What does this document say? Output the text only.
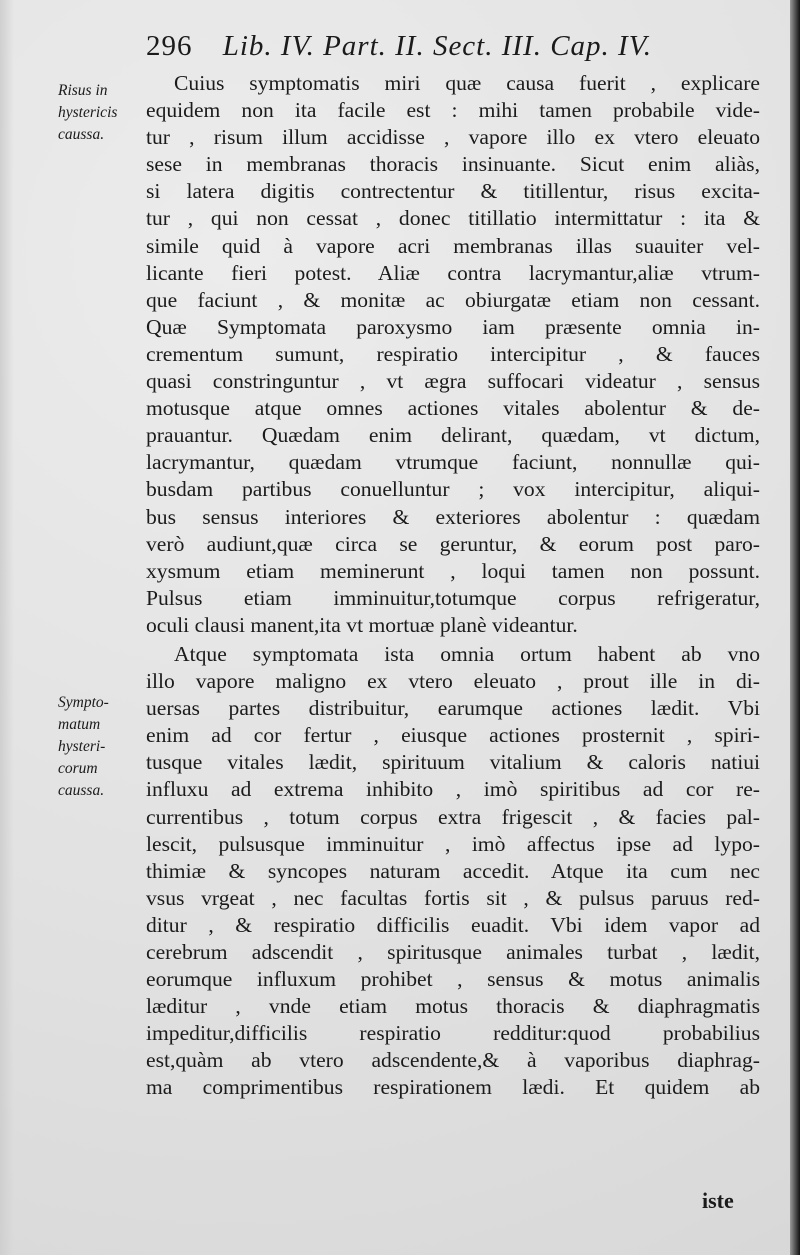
296 Lib. IV. Part. II. Sect. III. Cap. IV.
Risus in
hystericis
caussa.
Sympto-
matum
hysteri-
corum
caussa.
Cuius symptomatis miri quæ causa fuerit , explicare
equidem non ita facile est : mihi tamen probabile vide-
tur , risum illum accidisse , vapore illo ex vtero eleuato
sese in membranas thoracis insinuante. Sicut enim aliàs,
si latera digitis contrectentur & titillentur, risus excita-
tur , qui non cessat , donec titillatio intermittatur : ita &
simile quid à vapore acri membranas illas suauiter vel-
licante fieri potest. Aliæ contra lacrymantur,aliæ vtrum-
que faciunt , & monitæ ac obiurgatæ etiam non cessant.
Quæ Symptomata paroxysmo iam præsente omnia in-
crementum sumunt, respiratio intercipitur , & fauces
quasi constringuntur , vt ægra suffocari videatur , sensus
motusque atque omnes actiones vitales abolentur & de-
prauantur. Quædam enim delirant, quædam, vt dictum,
lacrymantur, quædam vtrumque faciunt, nonnullæ qui-
busdam partibus conuelluntur ; vox intercipitur, aliqui-
bus sensus interiores & exteriores abolentur : quædam
verò audiunt,quæ circa se geruntur, & eorum post paro-
xysmum etiam meminerunt , loqui tamen non possunt.
Pulsus etiam imminuitur,totumque corpus refrigeratur,
oculi clausi manent,ita vt mortuæ planè videantur.
Atque symptomata ista omnia ortum habent ab vno
illo vapore maligno ex vtero eleuato , prout ille in di-
uersas partes distribuitur, earumque actiones lædit. Vbi
enim ad cor fertur , eiusque actiones prosternit , spiri-
tusque vitales lædit, spirituum vitalium & caloris natiui
influxu ad extrema inhibito , imò spiritibus ad cor re-
currentibus , totum corpus extra frigescit , & facies pal-
lescit, pulsusque imminuitur , imò affectus ipse ad lypo-
thimiæ & syncopes naturam accedit. Atque ita cum nec
vsus vrgeat , nec facultas fortis sit , & pulsus paruus red-
ditur , & respiratio difficilis euadit. Vbi idem vapor ad
cerebrum adscendit , spiritusque animales turbat , lædit,
eorumque influxum prohibet , sensus & motus animalis
læditur , vnde etiam motus thoracis & diaphragmatis
impeditur,difficilis respiratio redditur:quod probabilius
est,quàm ab vtero adscendente,& à vaporibus diaphrag-
ma comprimentibus respirationem lædi. Et quidem ab
iste
